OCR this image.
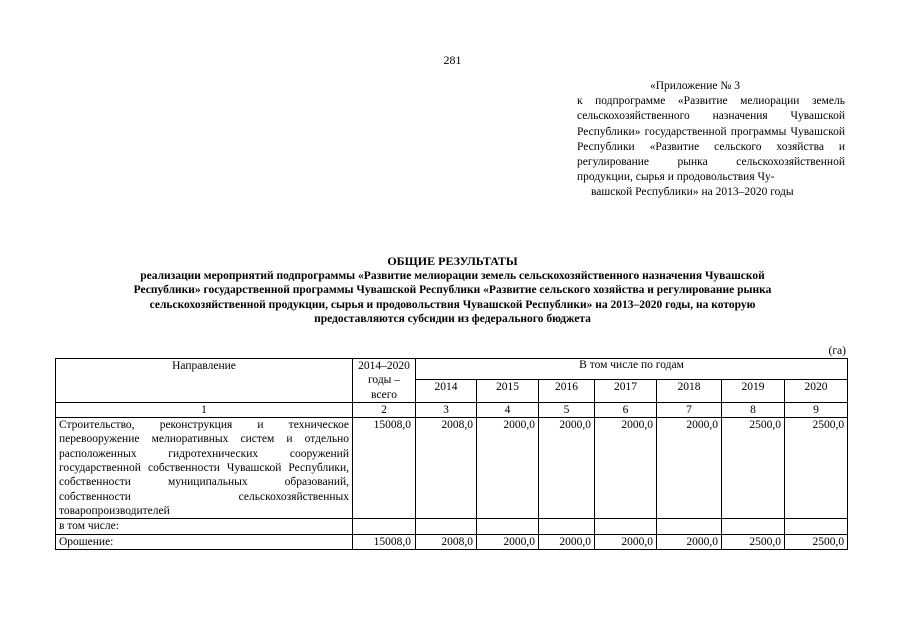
281
«Приложение № 3
к подпрограмме «Развитие мелиорации земель сельскохозяйственного назначения Чувашской Республики» государственной программы Чувашской Республики «Развитие сельского хозяйства и регулирование рынка сельскохозяйственной продукции, сырья и продовольствия Чу-
вашской Республики» на 2013–2020 годы
ОБЩИЕ РЕЗУЛЬТАТЫ
реализации мероприятий подпрограммы «Развитие мелиорации земель сельскохозяйственного назначения Чувашской Республики» государственной программы Чувашской Республики «Развитие сельского хозяйства и регулирование рынка сельскохозяйственной продукции, сырья и продовольствия Чувашской Республики» на 2013–2020 годы, на которую предоставляются субсидии из федерального бюджета
(га)
Направление	2014–2020 годы – всего	В том числе по годам						
		2014	2015	2016	2017	2018	2019	2020
1	2	3	4	5	6	7	8	9
Строительство, реконструкция и техническое перевооружение мелиоративных систем и отдельно расположенных гидротехнических сооружений государственной собственности Чувашской Республики, собственности муниципальных образований, собственности сельскохозяйственных товаропроизводителей	15008,0	2008,0	2000,0	2000,0	2000,0	2000,0	2500,0	2500,0
в том числе:								
Орошение:	15008,0	2008,0	2000,0	2000,0	2000,0	2000,0	2500,0	2500,0
